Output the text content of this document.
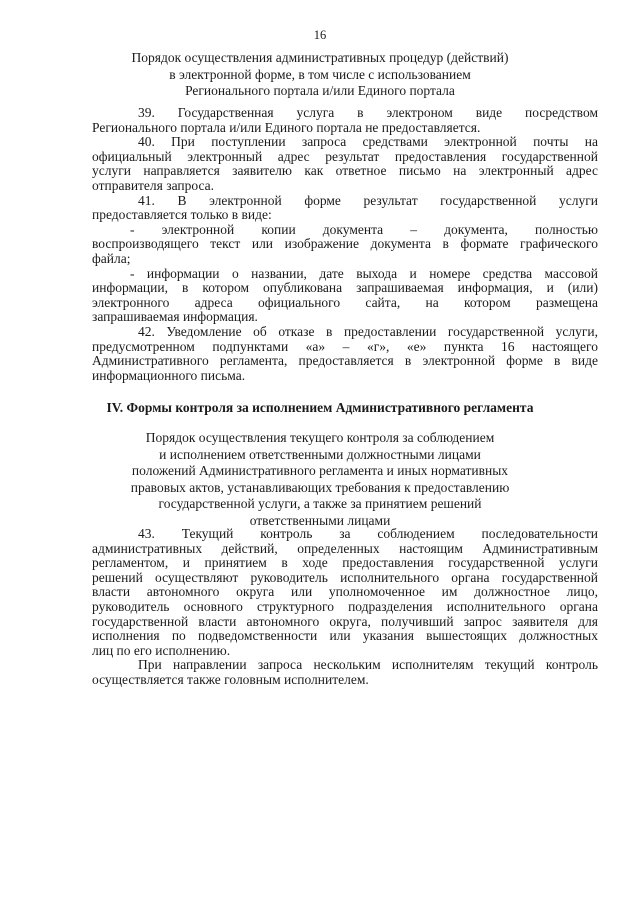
16
Порядок осуществления административных процедур (действий)
в электронной форме, в том числе с использованием
Регионального портала и/или Единого портала
39. Государственная услуга в электроном виде посредством
Регионального портала и/или Единого портала не предоставляется.
40. При поступлении запроса средствами электронной почты на
официальный электронный адрес результат предоставления государственной
услуги направляется заявителю как ответное письмо на электронный адрес
отправителя запроса.
41. В электронной форме результат государственной услуги
предоставляется только в виде:
- электронной копии документа – документа, полностью
воспроизводящего текст или изображение документа в формате графического
файла;
- информации о названии, дате выхода и номере средства массовой
информации, в котором опубликована запрашиваемая информация, и (или)
электронного адреса официального сайта, на котором размещена
запрашиваемая информация.
42. Уведомление об отказе в предоставлении государственной услуги,
предусмотренном подпунктами «а» – «г», «е» пункта 16 настоящего
Административного регламента, предоставляется в электронной форме в виде
информационного письма.
IV. Формы контроля за исполнением Административного регламента
Порядок осуществления текущего контроля за соблюдением
и исполнением ответственными должностными лицами
положений Административного регламента и иных нормативных
правовых актов, устанавливающих требования к предоставлению
государственной услуги, а также за принятием решений
ответственными лицами
43. Текущий контроль за соблюдением последовательности
административных действий, определенных настоящим Административным
регламентом, и принятием в ходе предоставления государственной услуги
решений осуществляют руководитель исполнительного органа государственной
власти автономного округа или уполномоченное им должностное лицо,
руководитель основного структурного подразделения исполнительного органа
государственной власти автономного округа, получивший запрос заявителя для
исполнения по подведомственности или указания вышестоящих должностных
лиц по его исполнению.
При направлении запроса нескольким исполнителям текущий контроль
осуществляется также головным исполнителем.
